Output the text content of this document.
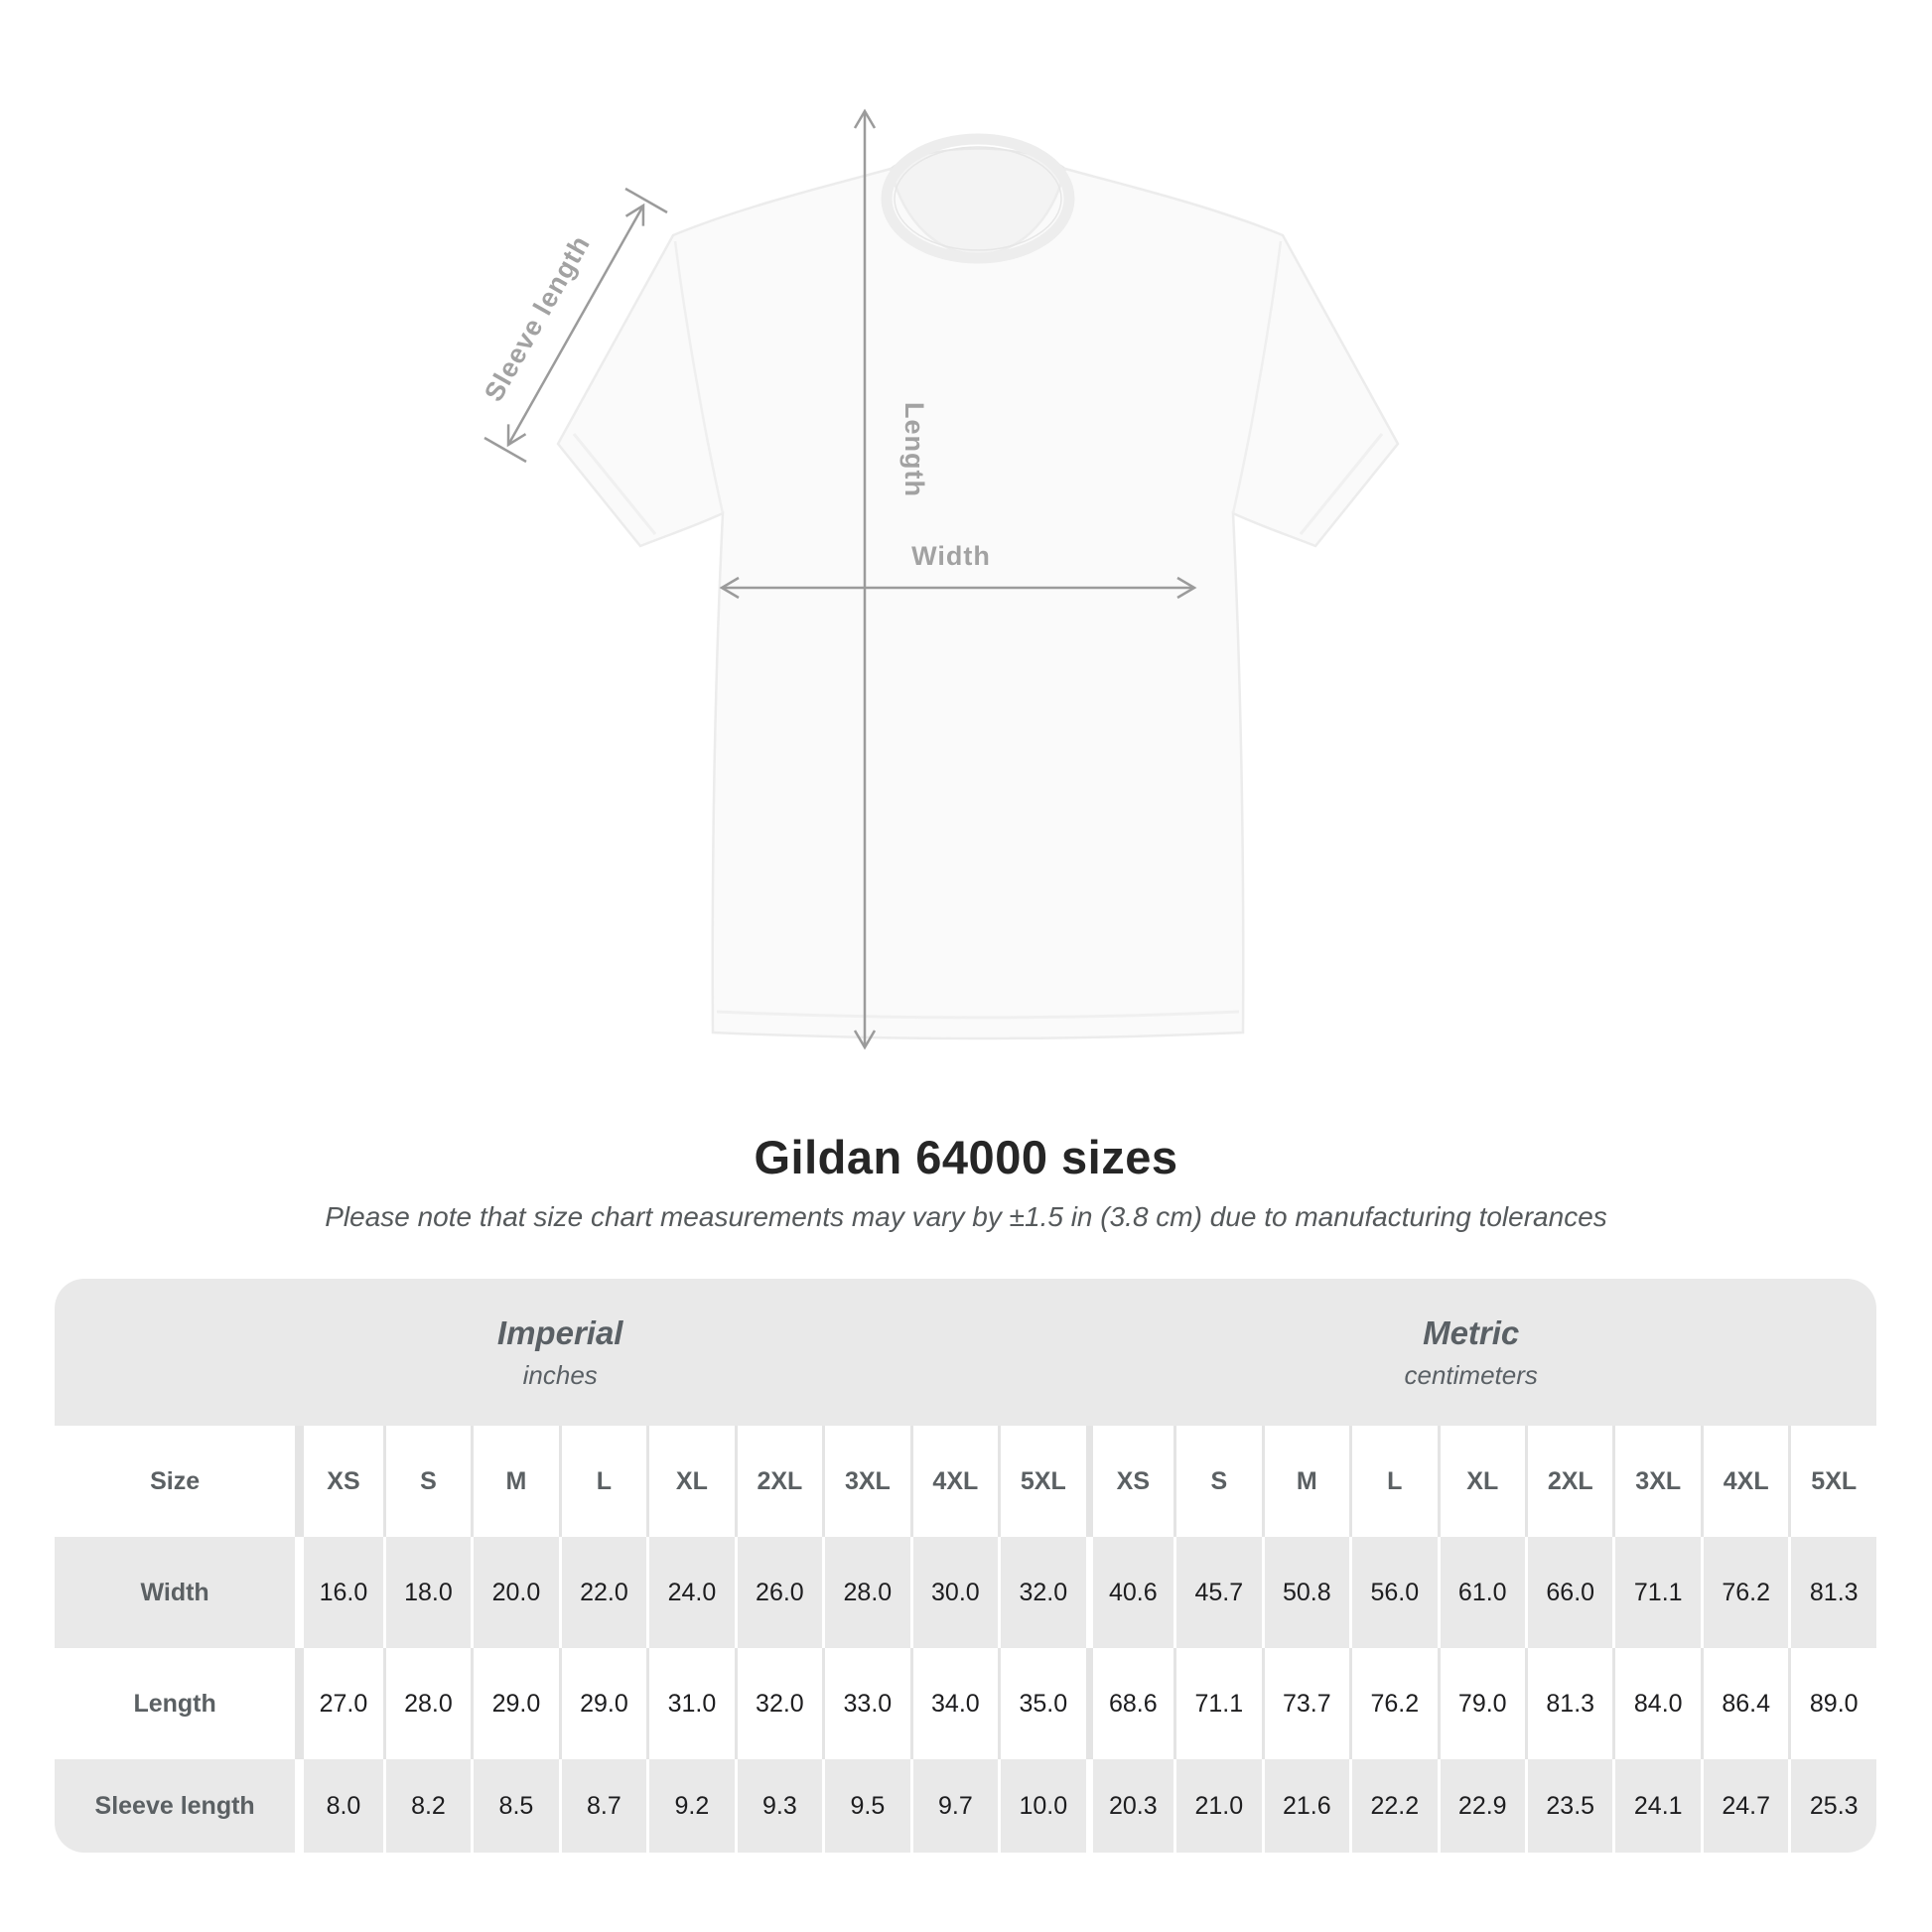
Length
Width
Sleeve length
Gildan 64000 sizes
Please note that size chart measurements may vary by ±1.5 in (3.8 cm) due to manufacturing tolerances
Imperial
inches
Metric
centimeters
Size	XS	S	M	L	XL	2XL	3XL	4XL	5XL	XS	S	M	L	XL	2XL	3XL	4XL	5XL
Width	16.0	18.0	20.0	22.0	24.0	26.0	28.0	30.0	32.0	40.6	45.7	50.8	56.0	61.0	66.0	71.1	76.2	81.3
Length	27.0	28.0	29.0	29.0	31.0	32.0	33.0	34.0	35.0	68.6	71.1	73.7	76.2	79.0	81.3	84.0	86.4	89.0
Sleeve length	8.0	8.2	8.5	8.7	9.2	9.3	9.5	9.7	10.0	20.3	21.0	21.6	22.2	22.9	23.5	24.1	24.7	25.3
